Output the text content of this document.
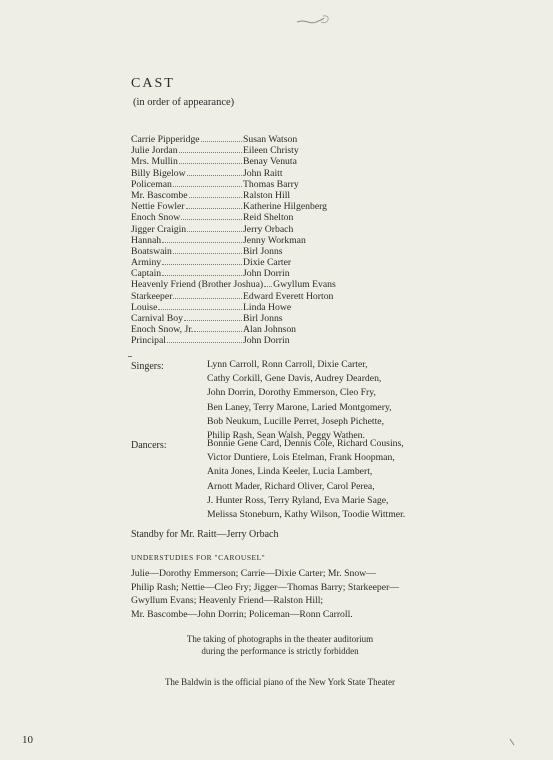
CAST
(in order of appearance)
Carrie Pipperidge	Susan Watson
Julie Jordan	Eileen Christy
Mrs. Mullin	Benay Venuta
Billy Bigelow	John Raitt
Policeman	Thomas Barry
Mr. Bascombe	Ralston Hill
Nettie Fowler	Katherine Hilgenberg
Enoch Snow	Reid Shelton
Jigger Craigin	Jerry Orbach
Hannah	Jenny Workman
Boatswain	Birl Jonns
Arminy	Dixie Carter
Captain	John Dorrin
Heavenly Friend (Brother Joshua) Gwyllum Evans
Starkeeper	Edward Everett Horton
Louise	Linda Howe
Carnival Boy	Birl Jonns
Enoch Snow, Jr.	Alan Johnson
Principal	John Dorrin
Singers:	Lynn Carroll, Ronn Carroll, Dixie Carter,
Cathy Corkill, Gene Davis, Audrey Dearden,
John Dorrin, Dorothy Emmerson, Cleo Fry,
Ben Laney, Terry Marone, Laried Montgomery,
Bob Neukum, Lucille Perret, Joseph Pichette,
Philip Rash, Sean Walsh, Peggy Wathen.
Dancers:	Bonnie Gene Card, Dennis Cole, Richard Cousins,
Victor Duntiere, Lois Etelman, Frank Hoopman,
Anita Jones, Linda Keeler, Lucia Lambert,
Arnott Mader, Richard Oliver, Carol Perea,
J. Hunter Ross, Terry Ryland, Eva Marie Sage,
Melissa Stoneburn, Kathy Wilson, Toodie Wittmer.
Standby for Mr. Raitt—Jerry Orbach
UNDERSTUDIES FOR "CAROUSEL"
Julie—Dorothy Emmerson; Carrie—Dixie Carter; Mr. Snow—
Philip Rash; Nettie—Cleo Fry; Jigger—Thomas Barry; Starkeeper—
Gwyllum Evans; Heavenly Friend—Ralston Hill;
Mr. Bascombe—John Dorrin; Policeman—Ronn Carroll.
The taking of photographs in the theater auditorium
during the performance is strictly forbidden
The Baldwin is the official piano of the New York State Theater
10
